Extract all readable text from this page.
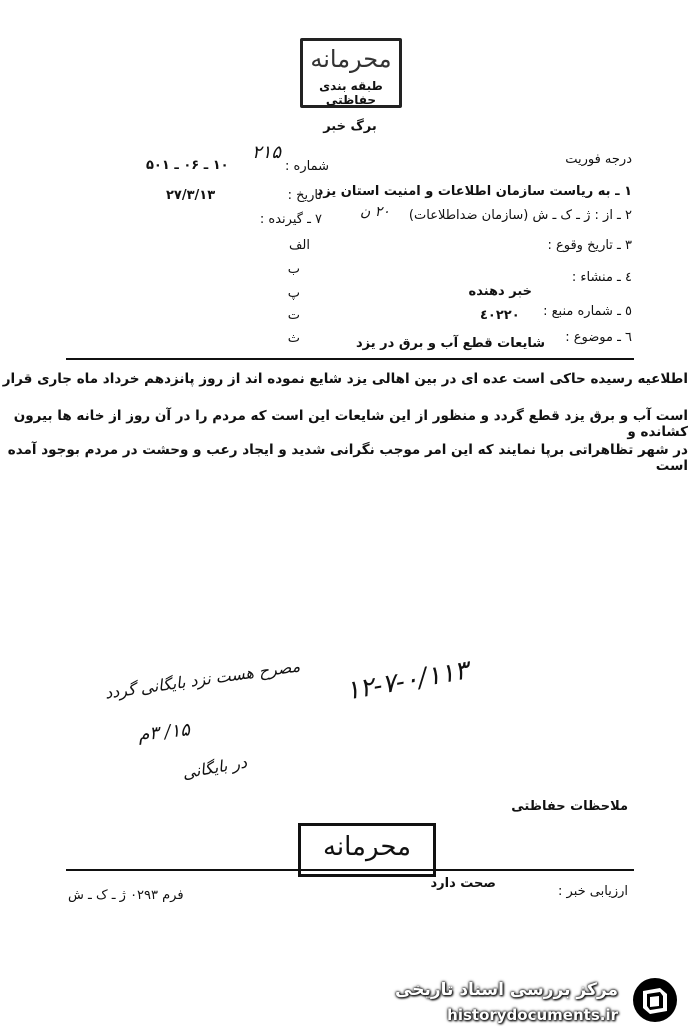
محرمانه
طبقه بندی حفاظتی
برگ خبر
درجه فوریت
شماره :
۱۰ ـ ۰۶ ـ ۵۰۱
۲۱۵
تاریخ :
۲۷/۳/۱۳	۱ ـ به ریاست سازمان اطلاعات و امنیت استان یزد
۲ ـ از : ژ ـ ک ـ ش (سازمان ضداطلاعات)
۲۰ ن
۷ ـ گیرنده :
۳ ـ تاریخ وقوع :
الف
ب
پ
ت
ث
٤ ـ منشاء :
خبر دهنده
٥ ـ شماره منبع :
٤۰۲۲۰
٦ ـ موضوع :
شایعات قطع آب و برق در یزد
اطلاعیه رسیده حاکی است عده ای در بین اهالی یزد شایع نموده اند از روز پانزدهم خرداد ماه جاری قرار
است آب و برق یزد قطع گردد و منظور از این شایعات این است که مردم را در آن روز از خانه ها بیرون کشانده و
در شهر تظاهراتی برپا نمایند که این امر موجب نگرانی شدید و ایجاد رعب و وحشت در مردم بوجود آمده است
مصرح هست نزد بایگانی گردد
۱۵/ ۳م
در بایگانی
۱۲-۷-۰/۱۱۳
ملاحظات حفاظتی
محرمانه
ارزیابی خبر :
صحت دارد
فرم ۰۲۹۳ ژ ـ ک ـ ش
مرکز بررسی اسناد تاریخی
historydocuments.ir
